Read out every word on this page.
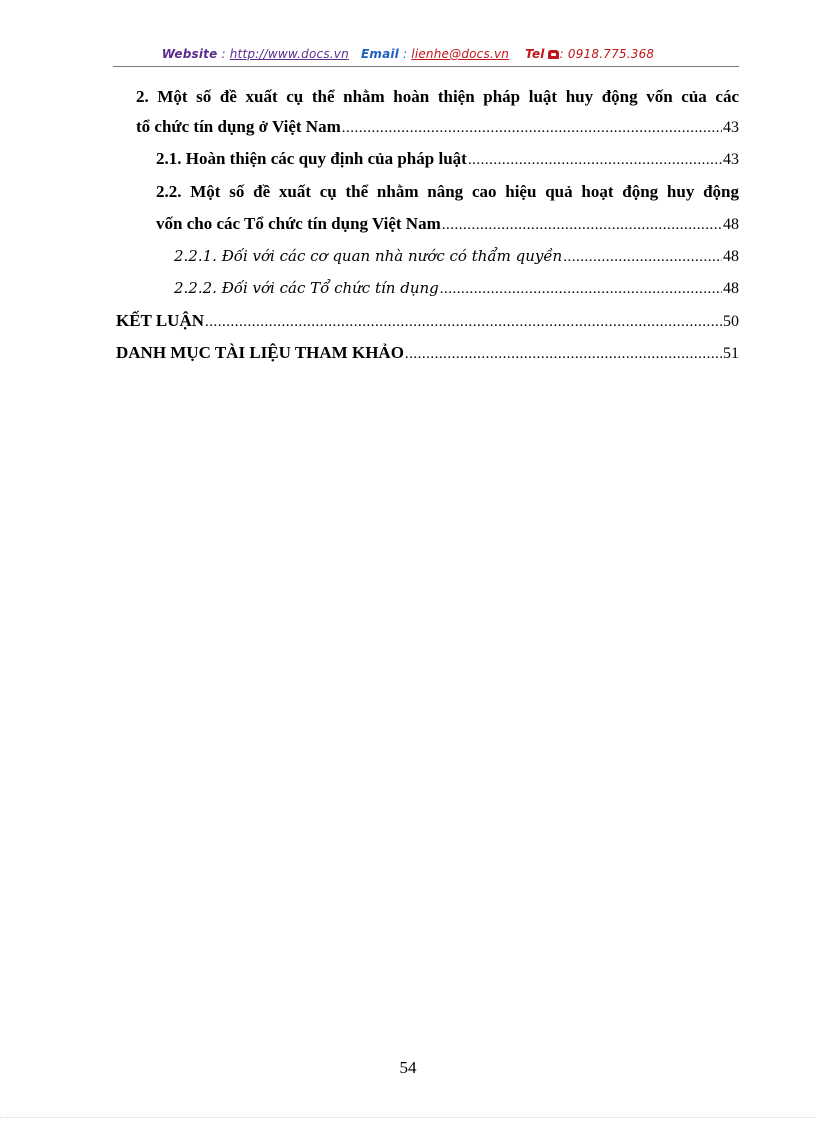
Website : http://www.docs.vn Email : lienhe@docs.vn Tel : 0918.775.368
2. Một số đề xuất cụ thể nhằm hoàn thiện pháp luật huy động vốn của các
tổ chức tín dụng ở Việt Nam .....	43
2.1. Hoàn thiện các quy định của pháp luật .....	43
2.2. Một số đề xuất cụ thể nhằm nâng cao hiệu quả hoạt động huy động
vốn cho các Tổ chức tín dụng Việt Nam .....	48
2.2.1. Đối với các cơ quan nhà nước có thẩm quyền .....	48
2.2.2. Đối với các Tổ chức tín dụng .....	48
KẾT LUẬN .....	50
DANH MỤC TÀI LIỆU THAM KHẢO .....	51
54
